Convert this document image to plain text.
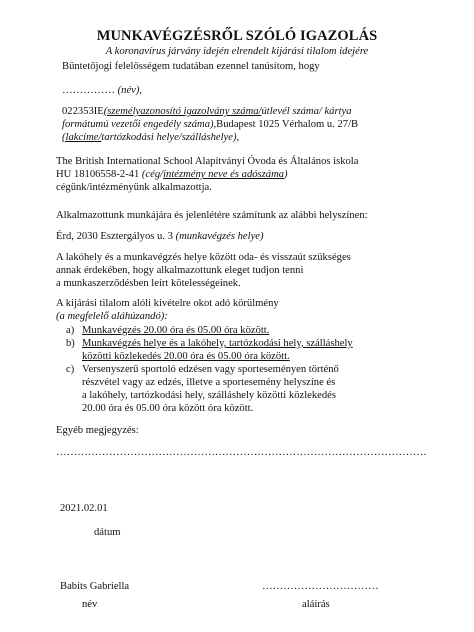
MUNKAVÉGZÉSRŐL SZÓLÓ IGAZOLÁS
A koronavírus járvány idején elrendelt kijárási tilalom idejére
Büntetőjogi felelősségem tudatában ezennel tanúsítom, hogy
…………… (név),
022353IE(személyazonosító igazolvány száma/útlevél száma/ kártya
formátumú vezetői engedély száma),Budapest 1025 Vérhalom u. 27/B
(lakcíme/tartózkodási helye/szálláshelye),
The British International School Alapítványi Óvoda és Általános iskola
HU 18106558-2-41 (cég/intézmény neve és adószáma)
cégünk/intézményünk alkalmazottja.
Alkalmazottunk munkájára és jelenlétére számítunk az alábbi helyszínen:
Érd, 2030 Esztergályos u. 3 (munkavégzés helye)
A lakóhely és a munkavégzés helye között oda- és visszaút szükséges
annak érdekében, hogy alkalmazottunk eleget tudjon tenni
a munkaszerződésben leírt kötelességeinek.
A kijárási tilalom alóli kivételre okot adó körülmény
(a megfelelő aláhúzandó):
a) Munkavégzés 20.00 óra és 05.00 óra között.
b) Munkavégzés helye és a lakóhely, tartózkodási hely, szálláshely
közötti közlekedés 20.00 óra és 05.00 óra között.
c) Versenyszerű sportoló edzésen vagy sporteseményen történő
részvétel vagy az edzés, illetve a sportesemény helyszíne és
a lakóhely, tartózkodási hely, szálláshely közötti közlekedés
20.00 óra és 05.00 óra között óra között.
Egyéb megjegyzés:
……………………………………………………………………………………………
2021.02.01
dátum
Babits Gabriella	……………………………
név	aláírás
